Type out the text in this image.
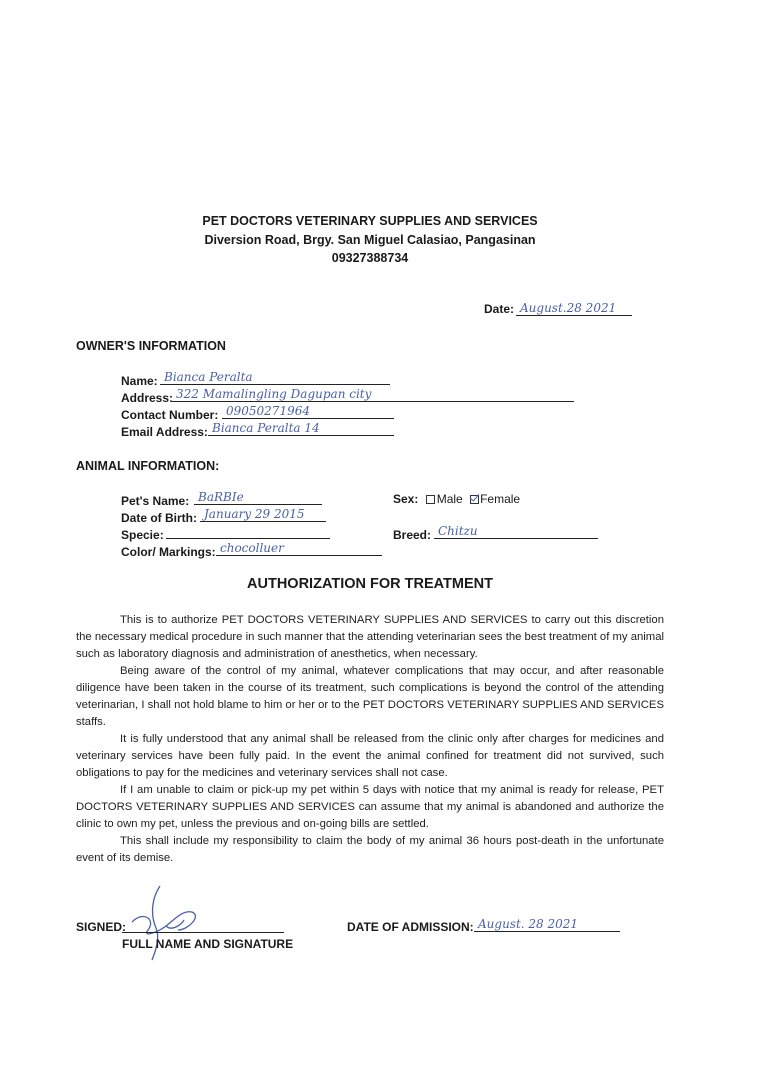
PET DOCTORS VETERINARY SUPPLIES AND SERVICES
Diversion Road, Brgy. San Miguel Calasiao, Pangasinan
09327388734
Date: August.28 2021
OWNER'S INFORMATION
Name: Bianca Peralta
Address: 322 Mamalingling Dagupan city
Contact Number: 09050271964
Email Address: Bianca Peralta 14
ANIMAL INFORMATION:
Pet's Name: BaRBIe
Date of Birth: January 29 2015
Specie:
Color/ Markings: chocolluer
Sex: Male Female
Breed: Chitzu
AUTHORIZATION FOR TREATMENT

This is to authorize PET DOCTORS VETERINARY SUPPLIES AND SERVICES to carry out this discretion the necessary medical procedure in such manner that the attending veterinarian sees the best treatment of my animal such as laboratory diagnosis and administration of anesthetics, when necessary.

Being aware of the control of my animal, whatever complications that may occur, and after reasonable diligence have been taken in the course of its treatment, such complications is beyond the control of the attending veterinarian, I shall not hold blame to him or her or to the PET DOCTORS VETERINARY SUPPLIES AND SERVICES staffs.

It is fully understood that any animal shall be released from the clinic only after charges for medicines and veterinary services have been fully paid. In the event the animal confined for treatment did not survived, such obligations to pay for the medicines and veterinary services shall not case.

If I am unable to claim or pick-up my pet within 5 days with notice that my animal is ready for release, PET DOCTORS VETERINARY SUPPLIES AND SERVICES can assume that my animal is abandoned and authorize the clinic to own my pet, unless the previous and on-going bills are settled.

This shall include my responsibility to claim the body of my animal 36 hours post-death in the unfortunate event of its demise.

SIGNED:
FULL NAME AND SIGNATURE
DATE OF ADMISSION: August. 28 2021
